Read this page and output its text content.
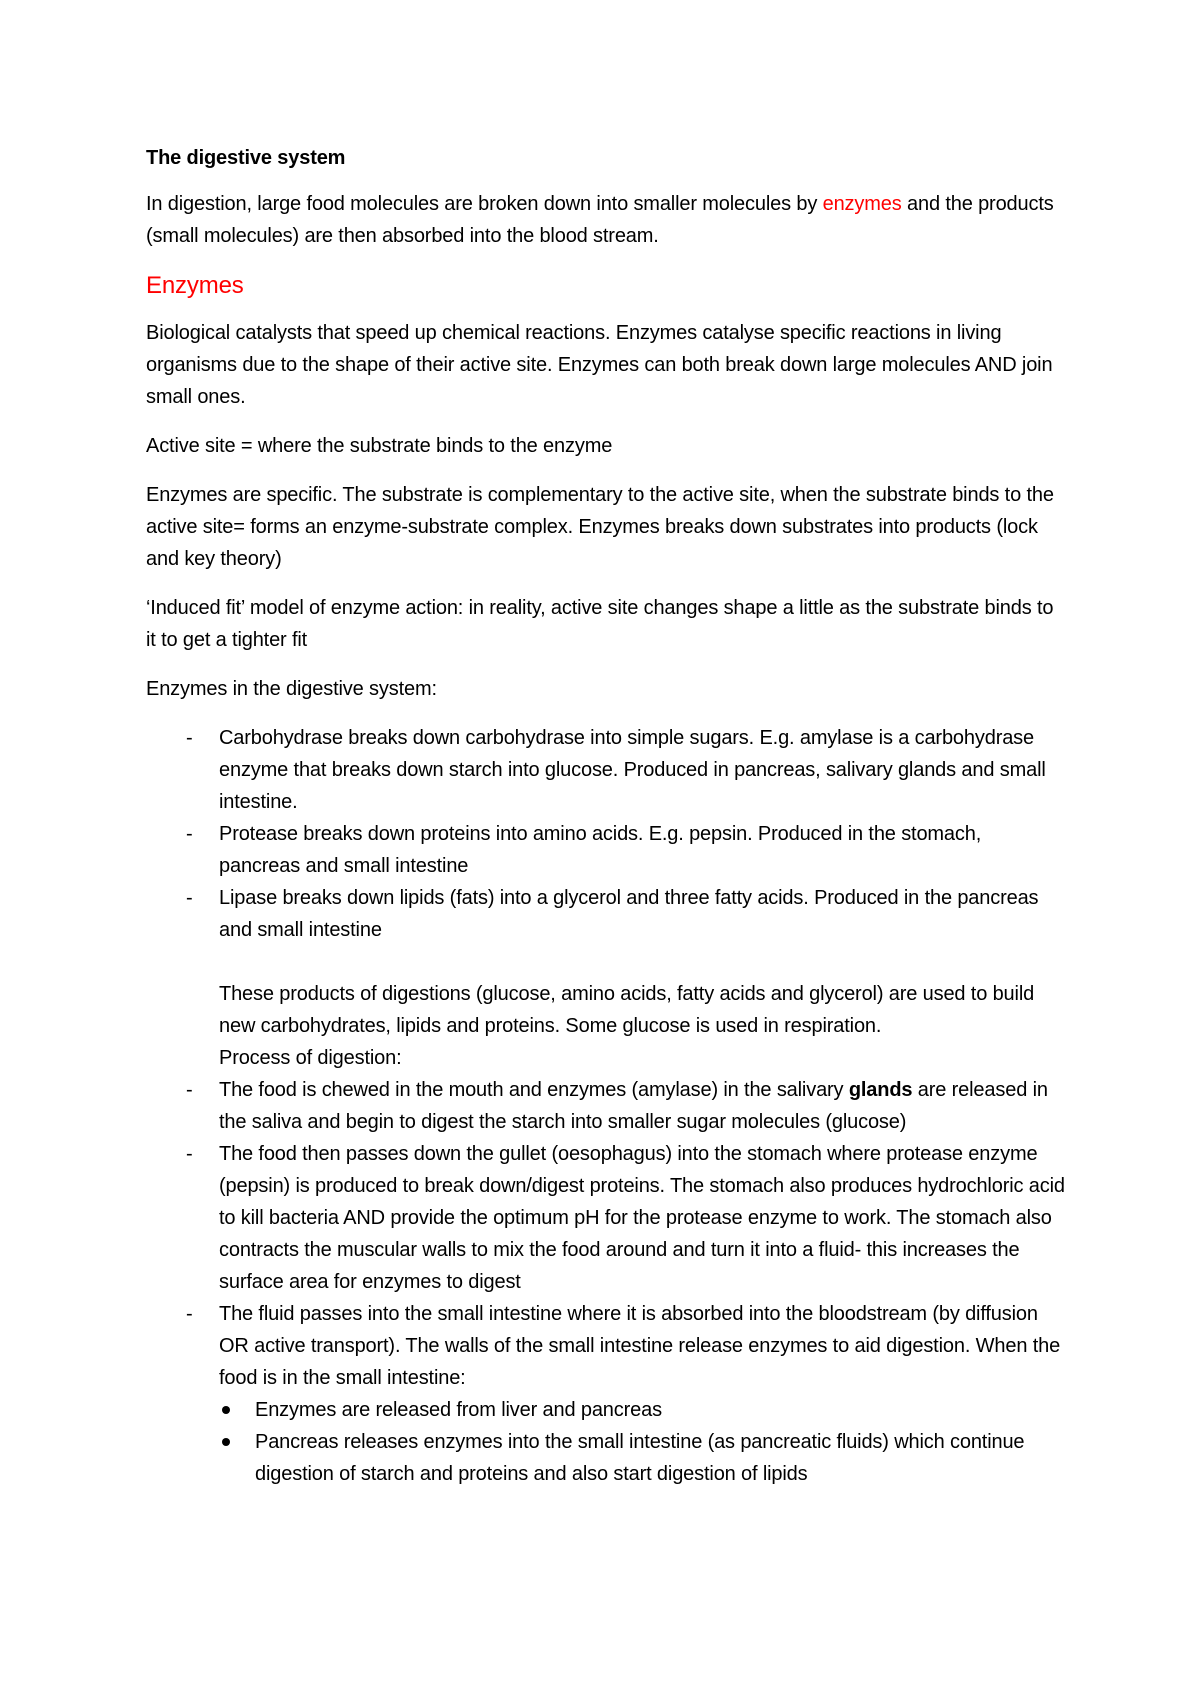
The digestive system

In digestion, large food molecules are broken down into smaller molecules by enzymes and the products (small molecules) are then absorbed into the blood stream.

Enzymes

Biological catalysts that speed up chemical reactions. Enzymes catalyse specific reactions in living organisms due to the shape of their active site. Enzymes can both break down large molecules AND join small ones.

Active site = where the substrate binds to the enzyme

Enzymes are specific. The substrate is complementary to the active site, when the substrate binds to the active site= forms an enzyme-substrate complex. Enzymes breaks down substrates into products (lock and key theory)

‘Induced fit’ model of enzyme action: in reality, active site changes shape a little as the substrate binds to it to get a tighter fit

Enzymes in the digestive system:

- Carbohydrase breaks down carbohydrase into simple sugars. E.g. amylase is a carbohydrase enzyme that breaks down starch into glucose. Produced in pancreas, salivary glands and small intestine.
- Protease breaks down proteins into amino acids. E.g. pepsin. Produced in the stomach, pancreas and small intestine
- Lipase breaks down lipids (fats) into a glycerol and three fatty acids. Produced in the pancreas and small intestine
These products of digestions (glucose, amino acids, fatty acids and glycerol) are used to build new carbohydrates, lipids and proteins. Some glucose is used in respiration.
Process of digestion:
- The food is chewed in the mouth and enzymes (amylase) in the salivary glands are released in the saliva and begin to digest the starch into smaller sugar molecules (glucose)
- The food then passes down the gullet (oesophagus) into the stomach where protease enzyme (pepsin) is produced to break down/digest proteins. The stomach also produces hydrochloric acid to kill bacteria AND provide the optimum pH for the protease enzyme to work. The stomach also contracts the muscular walls to mix the food around and turn it into a fluid- this increases the surface area for enzymes to digest
- The fluid passes into the small intestine where it is absorbed into the bloodstream (by diffusion OR active transport). The walls of the small intestine release enzymes to aid digestion. When the food is in the small intestine:
Enzymes are released from liver and pancreas
Pancreas releases enzymes into the small intestine (as pancreatic fluids) which continue digestion of starch and proteins and also start digestion of lipids
